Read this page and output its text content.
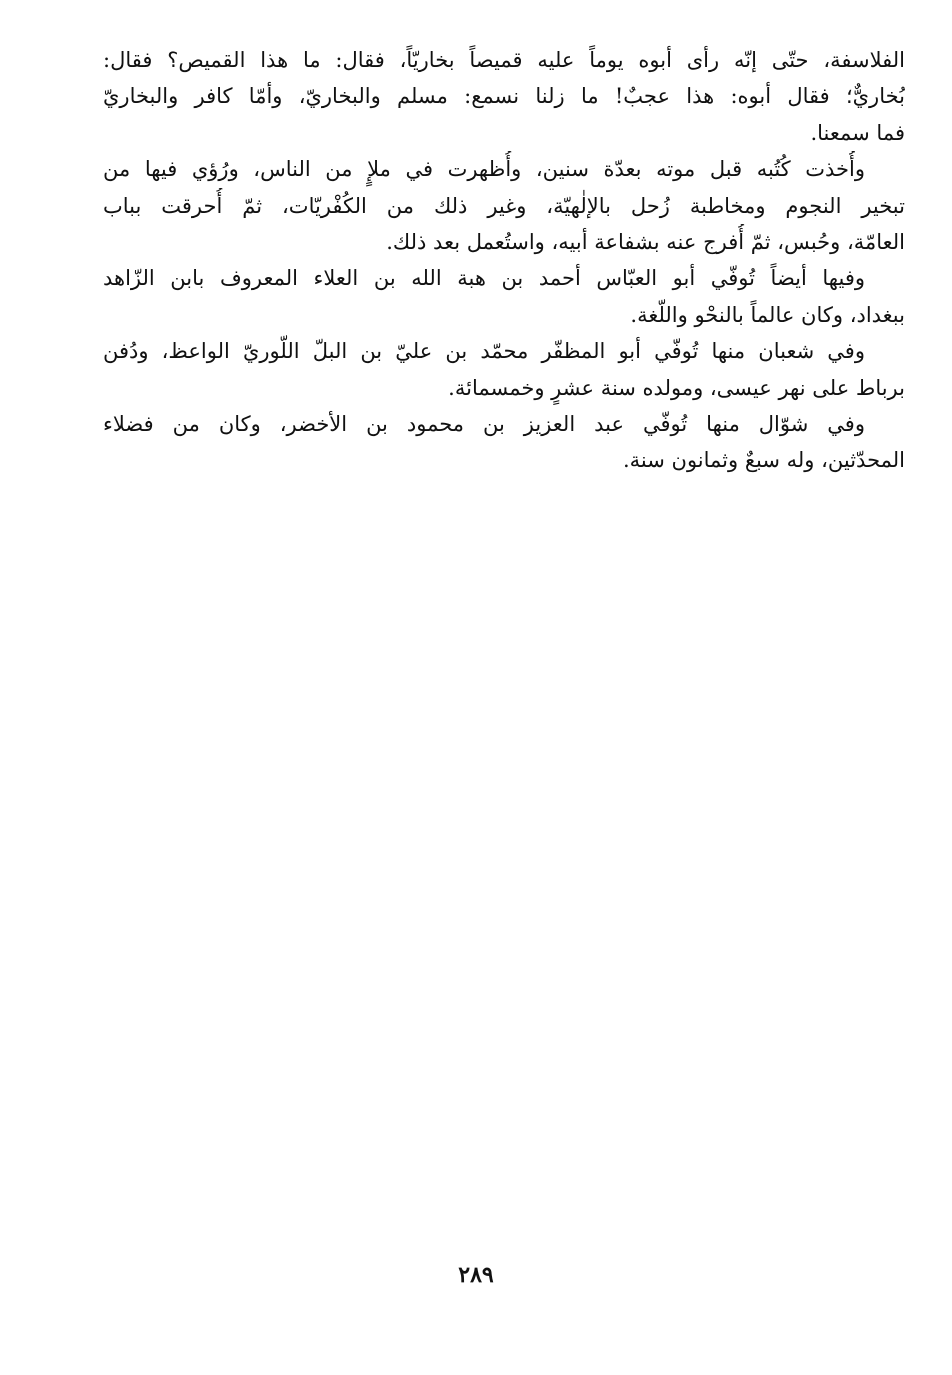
الفلاسفة، حتّى إنّه رأى أبوه يوماً عليه قميصاً بخاريّاً، فقال: ما هذا القميص؟ فقال:
بُخاريٌّ؛ فقال أبوه: هذا عجبٌ! ما زلنا نسمع: مسلم والبخاريّ، وأمّا كافر والبخاريّ
فما سمعنا.
وأُخذت كُتُبه قبل موته بعدّة سنين، وأُظهرت في ملإٍ من الناس، ورُؤي فيها من
تبخير النجوم ومخاطبة زُحل بالإلٰهيّة، وغير ذلك من الكُفْريّات، ثمّ أُحرقت بباب
العامّة، وحُبس، ثمّ أُفرج عنه بشفاعة أبيه، واستُعمل بعد ذلك.
وفيها أيضاً تُوفّي أبو العبّاس أحمد بن هبة الله بن العلاء المعروف بابن الزّاهد
ببغداد، وكان عالماً بالنحْو واللّغة.
وفي شعبان منها تُوفّي أبو المظفّر محمّد بن عليّ بن البلّ اللّوريّ الواعظ، ودُفن
برباط على نهر عيسى، ومولده سنة عشرٍ وخمسمائة.
وفي شوّال منها تُوفّي عبد العزيز بن محمود بن الأخضر، وكان من فضلاء
المحدّثين، وله سبعٌ وثمانون سنة.
٢٨٩
